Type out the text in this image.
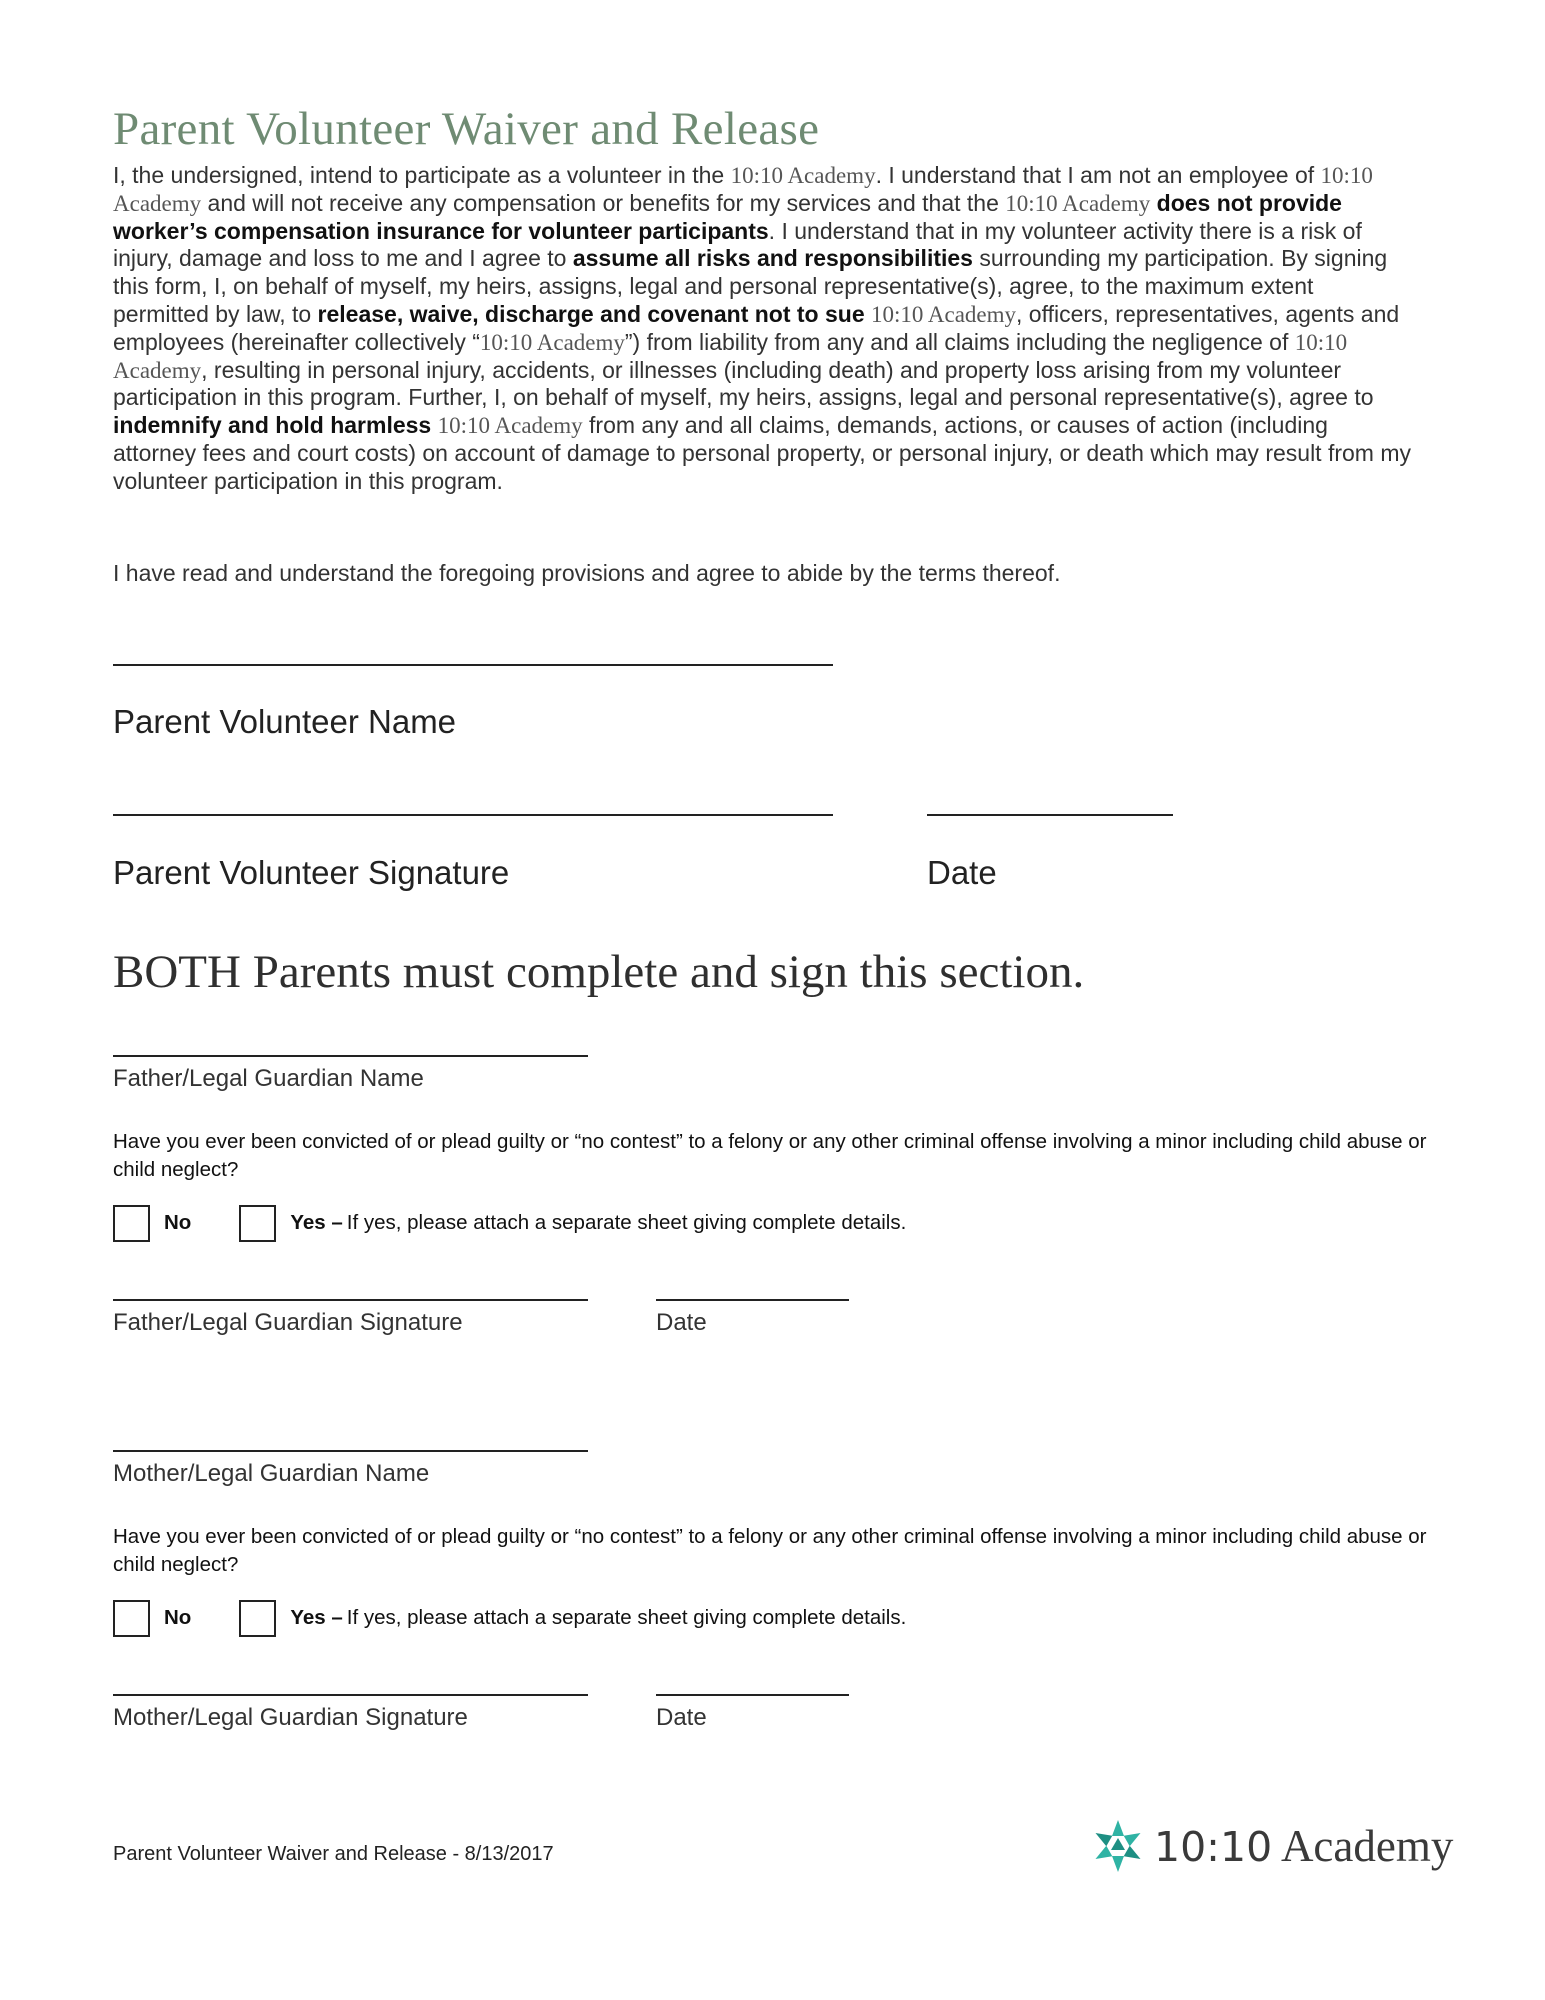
Parent Volunteer Waiver and Release

I, the undersigned, intend to participate as a volunteer in the 10:10 Academy. I understand that I am not an employee of 10:10 Academy and will not receive any compensation or benefits for my services and that the 10:10 Academy does not provide worker’s compensation insurance for volunteer participants. I understand that in my volunteer activity there is a risk of injury, damage and loss to me and I agree to assume all risks and responsibilities surrounding my participation. By signing this form, I, on behalf of myself, my heirs, assigns, legal and personal representative(s), agree, to the maximum extent permitted by law, to release, waive, discharge and covenant not to sue 10:10 Academy, officers, representatives, agents and employees (hereinafter collectively “10:10 Academy”) from liability from any and all claims including the negligence of 10:10 Academy, resulting in personal injury, accidents, or illnesses (including death) and property loss arising from my volunteer participation in this program. Further, I, on behalf of myself, my heirs, assigns, legal and personal representative(s), agree to indemnify and hold harmless 10:10 Academy from any and all claims, demands, actions, or causes of action (including attorney fees and court costs) on account of damage to personal property, or personal injury, or death which may result from my volunteer participation in this program.

I have read and understand the foregoing provisions and agree to abide by the terms thereof.

Parent Volunteer Name
Parent Volunteer Signature	Date
BOTH Parents must complete and sign this section.
Father/Legal Guardian Name

Have you ever been convicted of or plead guilty or “no contest” to a felony or any other criminal offense involving a minor including child abuse or child neglect?

No	Yes – If yes, please attach a separate sheet giving complete details.
Father/Legal Guardian Signature	Date
Mother/Legal Guardian Name

Have you ever been convicted of or plead guilty or “no contest” to a felony or any other criminal offense involving a minor including child abuse or child neglect?

No	Yes – If yes, please attach a separate sheet giving complete details.
Mother/Legal Guardian Signature	Date
Parent Volunteer Waiver and Release - 8/13/2017	10:10 Academy
